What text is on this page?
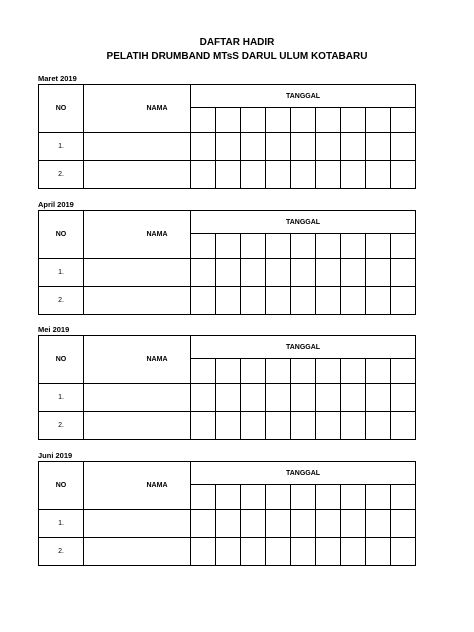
DAFTAR HADIR
PELATIH DRUMBAND MTsS DARUL ULUM KOTABARU
Maret 2019
NO	NAMA	TANGGAL								

1.										
2.										
April 2019
NO	NAMA	TANGGAL								

1.										
2.										
Mei 2019
NO	NAMA	TANGGAL								

1.										
2.										
Juni 2019
NO	NAMA	TANGGAL								

1.										
2.										
